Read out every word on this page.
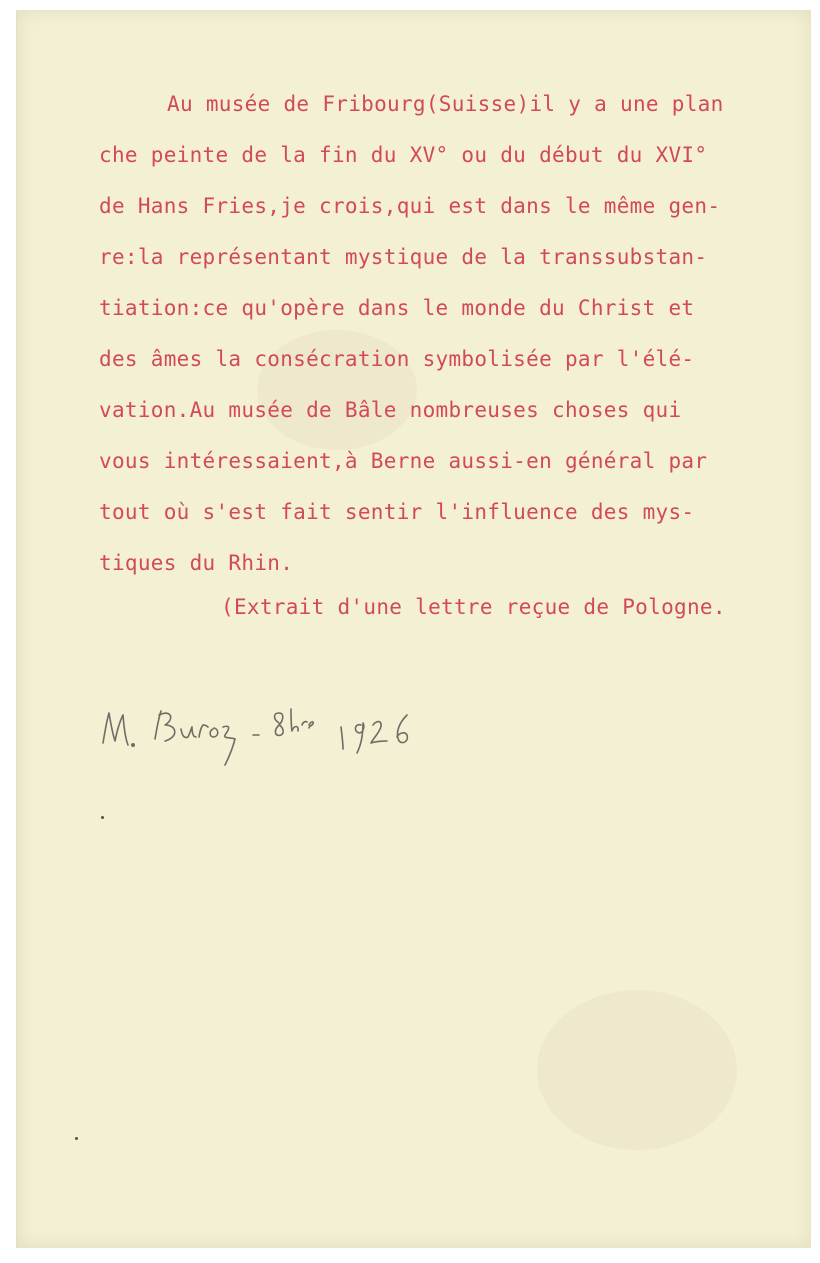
Au musée de Fribourg(Suisse)il y a une plan

che peinte de la fin du XV° ou du début du XVI°

de Hans Fries,je crois,qui est dans le même gen-

re:la représentant mystique de la transsubstan-

tiation:ce qu'opère dans le monde du Christ et

des âmes la consécration symbolisée par l'élé-

vation.Au musée de Bâle nombreuses choses qui

vous intéressaient,à Berne aussi-en général par

tout où s'est fait sentir l'influence des mys-

tiques du Rhin.

(Extrait d'une lettre reçue de Pologne.
